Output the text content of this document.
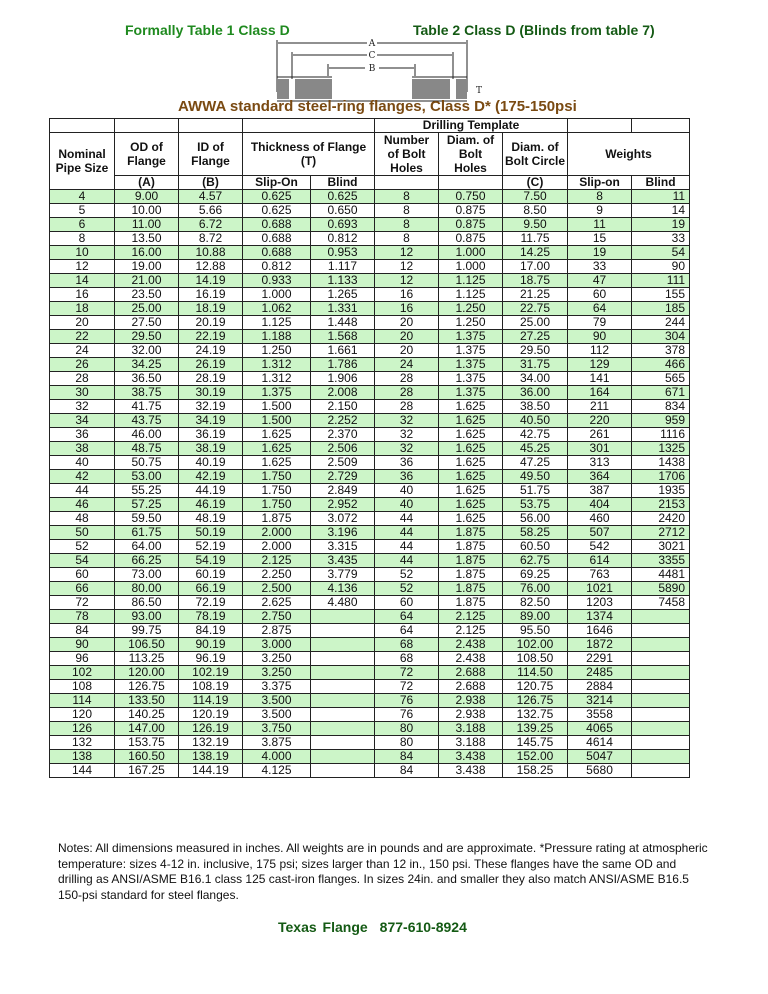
Formally Table 1 Class D	Table 2 Class D (Blinds from table 7)
A
C
B
T
AWWA standard steel-ring flanges, Class D* (175-150psi
					Drilling Template				
Nominal Pipe Size	OD of Flange	ID of Flange	Thickness of Flange (T)		Number of Bolt Holes	Diam. of Bolt Holes	Diam. of Bolt Circle	Weights	
	(A)	(B)	Slip-On	Blind			(C)	Slip-on	Blind
4	9.00	4.57	0.625	0.625	8	0.750	7.50	8	11
5	10.00	5.66	0.625	0.650	8	0.875	8.50	9	14
6	11.00	6.72	0.688	0.693	8	0.875	9.50	11	19
8	13.50	8.72	0.688	0.812	8	0.875	11.75	15	33
10	16.00	10.88	0.688	0.953	12	1.000	14.25	19	54
12	19.00	12.88	0.812	1.117	12	1.000	17.00	33	90
14	21.00	14.19	0.933	1.133	12	1.125	18.75	47	111
16	23.50	16.19	1.000	1.265	16	1.125	21.25	60	155
18	25.00	18.19	1.062	1.331	16	1.250	22.75	64	185
20	27.50	20.19	1.125	1.448	20	1.250	25.00	79	244
22	29.50	22.19	1.188	1.568	20	1.375	27.25	90	304
24	32.00	24.19	1.250	1.661	20	1.375	29.50	112	378
26	34.25	26.19	1.312	1.786	24	1.375	31.75	129	466
28	36.50	28.19	1.312	1.906	28	1.375	34.00	141	565
30	38.75	30.19	1.375	2.008	28	1.375	36.00	164	671
32	41.75	32.19	1.500	2.150	28	1.625	38.50	211	834
34	43.75	34.19	1.500	2.252	32	1.625	40.50	220	959
36	46.00	36.19	1.625	2.370	32	1.625	42.75	261	1116
38	48.75	38.19	1.625	2.506	32	1.625	45.25	301	1325
40	50.75	40.19	1.625	2.509	36	1.625	47.25	313	1438
42	53.00	42.19	1.750	2.729	36	1.625	49.50	364	1706
44	55.25	44.19	1.750	2.849	40	1.625	51.75	387	1935
46	57.25	46.19	1.750	2.952	40	1.625	53.75	404	2153
48	59.50	48.19	1.875	3.072	44	1.625	56.00	460	2420
50	61.75	50.19	2.000	3.196	44	1.875	58.25	507	2712
52	64.00	52.19	2.000	3.315	44	1.875	60.50	542	3021
54	66.25	54.19	2.125	3.435	44	1.875	62.75	614	3355
60	73.00	60.19	2.250	3.779	52	1.875	69.25	763	4481
66	80.00	66.19	2.500	4.136	52	1.875	76.00	1021	5890
72	86.50	72.19	2.625	4.480	60	1.875	82.50	1203	7458
78	93.00	78.19	2.750		64	2.125	89.00	1374	
84	99.75	84.19	2.875		64	2.125	95.50	1646	
90	106.50	90.19	3.000		68	2.438	102.00	1872	
96	113.25	96.19	3.250		68	2.438	108.50	2291	
102	120.00	102.19	3.250		72	2.688	114.50	2485	
108	126.75	108.19	3.375		72	2.688	120.75	2884	
114	133.50	114.19	3.500		76	2.938	126.75	3214	
120	140.25	120.19	3.500		76	2.938	132.75	3558	
126	147.00	126.19	3.750		80	3.188	139.25	4065	
132	153.75	132.19	3.875		80	3.188	145.75	4614	
138	160.50	138.19	4.000		84	3.438	152.00	5047	
144	167.25	144.19	4.125		84	3.438	158.25	5680	
Notes: All dimensions measured in inches. All weights are in pounds and are approximate. *Pressure rating at atmospheric temperature: sizes 4-12 in. inclusive, 175 psi; sizes larger than 12 in., 150 psi. These flanges have the same OD and drilling as ANSI/ASME B16.1 class 125 cast-iron flanges. In sizes 24in. and smaller they also match ANSI/ASME B16.5 150-psi standard for steel flanges.
Texas Flange 877-610-8924
